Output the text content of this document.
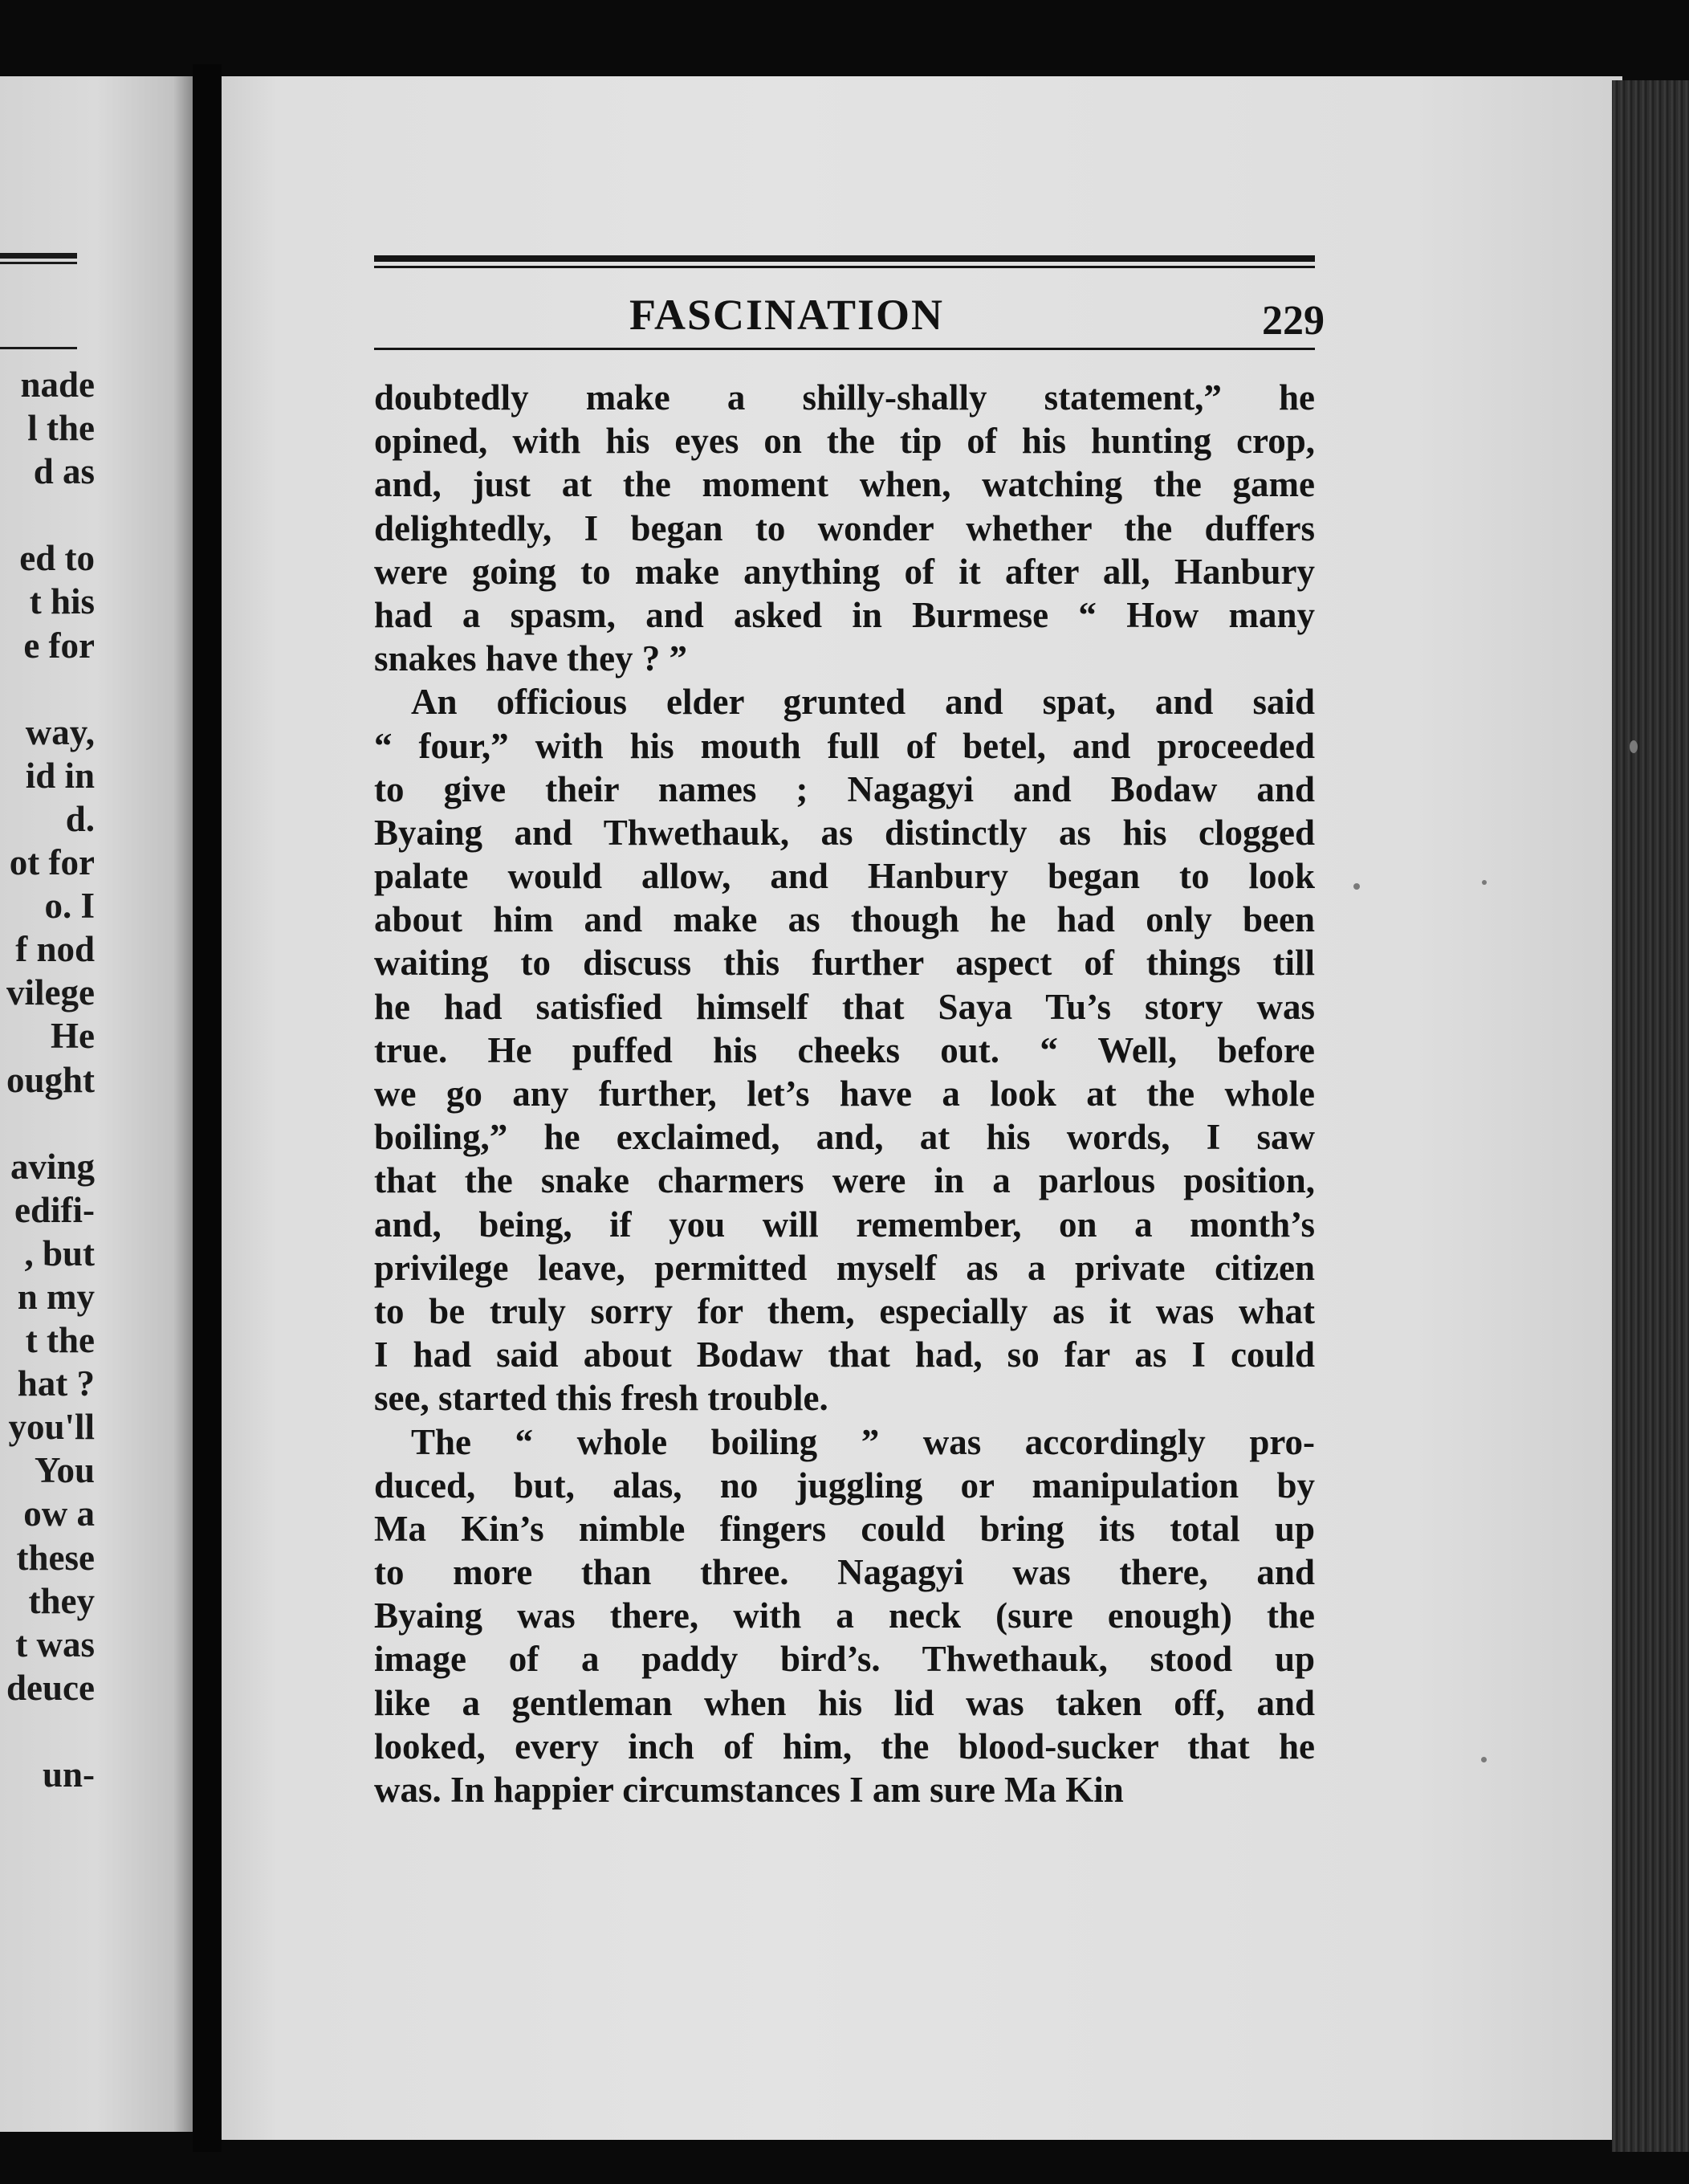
nade
l the
d as
ed to
t his
e for
way,
id in
d.
ot for
o. I
f nod
vilege
He
ought
aving
edifi-
, but
n my
t the
hat ?
you'll
You
ow a
these
they
t was
deuce
un-
FASCINATION	229
doubtedly make a shilly-shally statement,” he
opined, with his eyes on the tip of his hunting crop,
and, just at the moment when, watching the game
delightedly, I began to wonder whether the duffers
were going to make anything of it after all, Hanbury
had a spasm, and asked in Burmese “ How many
snakes have they ? ”
An officious elder grunted and spat, and said
“ four,” with his mouth full of betel, and proceeded
to give their names ; Nagagyi and Bodaw and
Byaing and Thwethauk, as distinctly as his clogged
palate would allow, and Hanbury began to look
about him and make as though he had only been
waiting to discuss this further aspect of things till
he had satisfied himself that Saya Tu’s story was
true. He puffed his cheeks out. “ Well, before
we go any further, let’s have a look at the whole
boiling,” he exclaimed, and, at his words, I saw
that the snake charmers were in a parlous position,
and, being, if you will remember, on a month’s
privilege leave, permitted myself as a private citizen
to be truly sorry for them, especially as it was what
I had said about Bodaw that had, so far as I could
see, started this fresh trouble.
The “ whole boiling ” was accordingly pro-
duced, but, alas, no juggling or manipulation by
Ma Kin’s nimble fingers could bring its total up
to more than three. Nagagyi was there, and
Byaing was there, with a neck (sure enough) the
image of a paddy bird’s. Thwethauk, stood up
like a gentleman when his lid was taken off, and
looked, every inch of him, the blood-sucker that he
was. In happier circumstances I am sure Ma Kin
